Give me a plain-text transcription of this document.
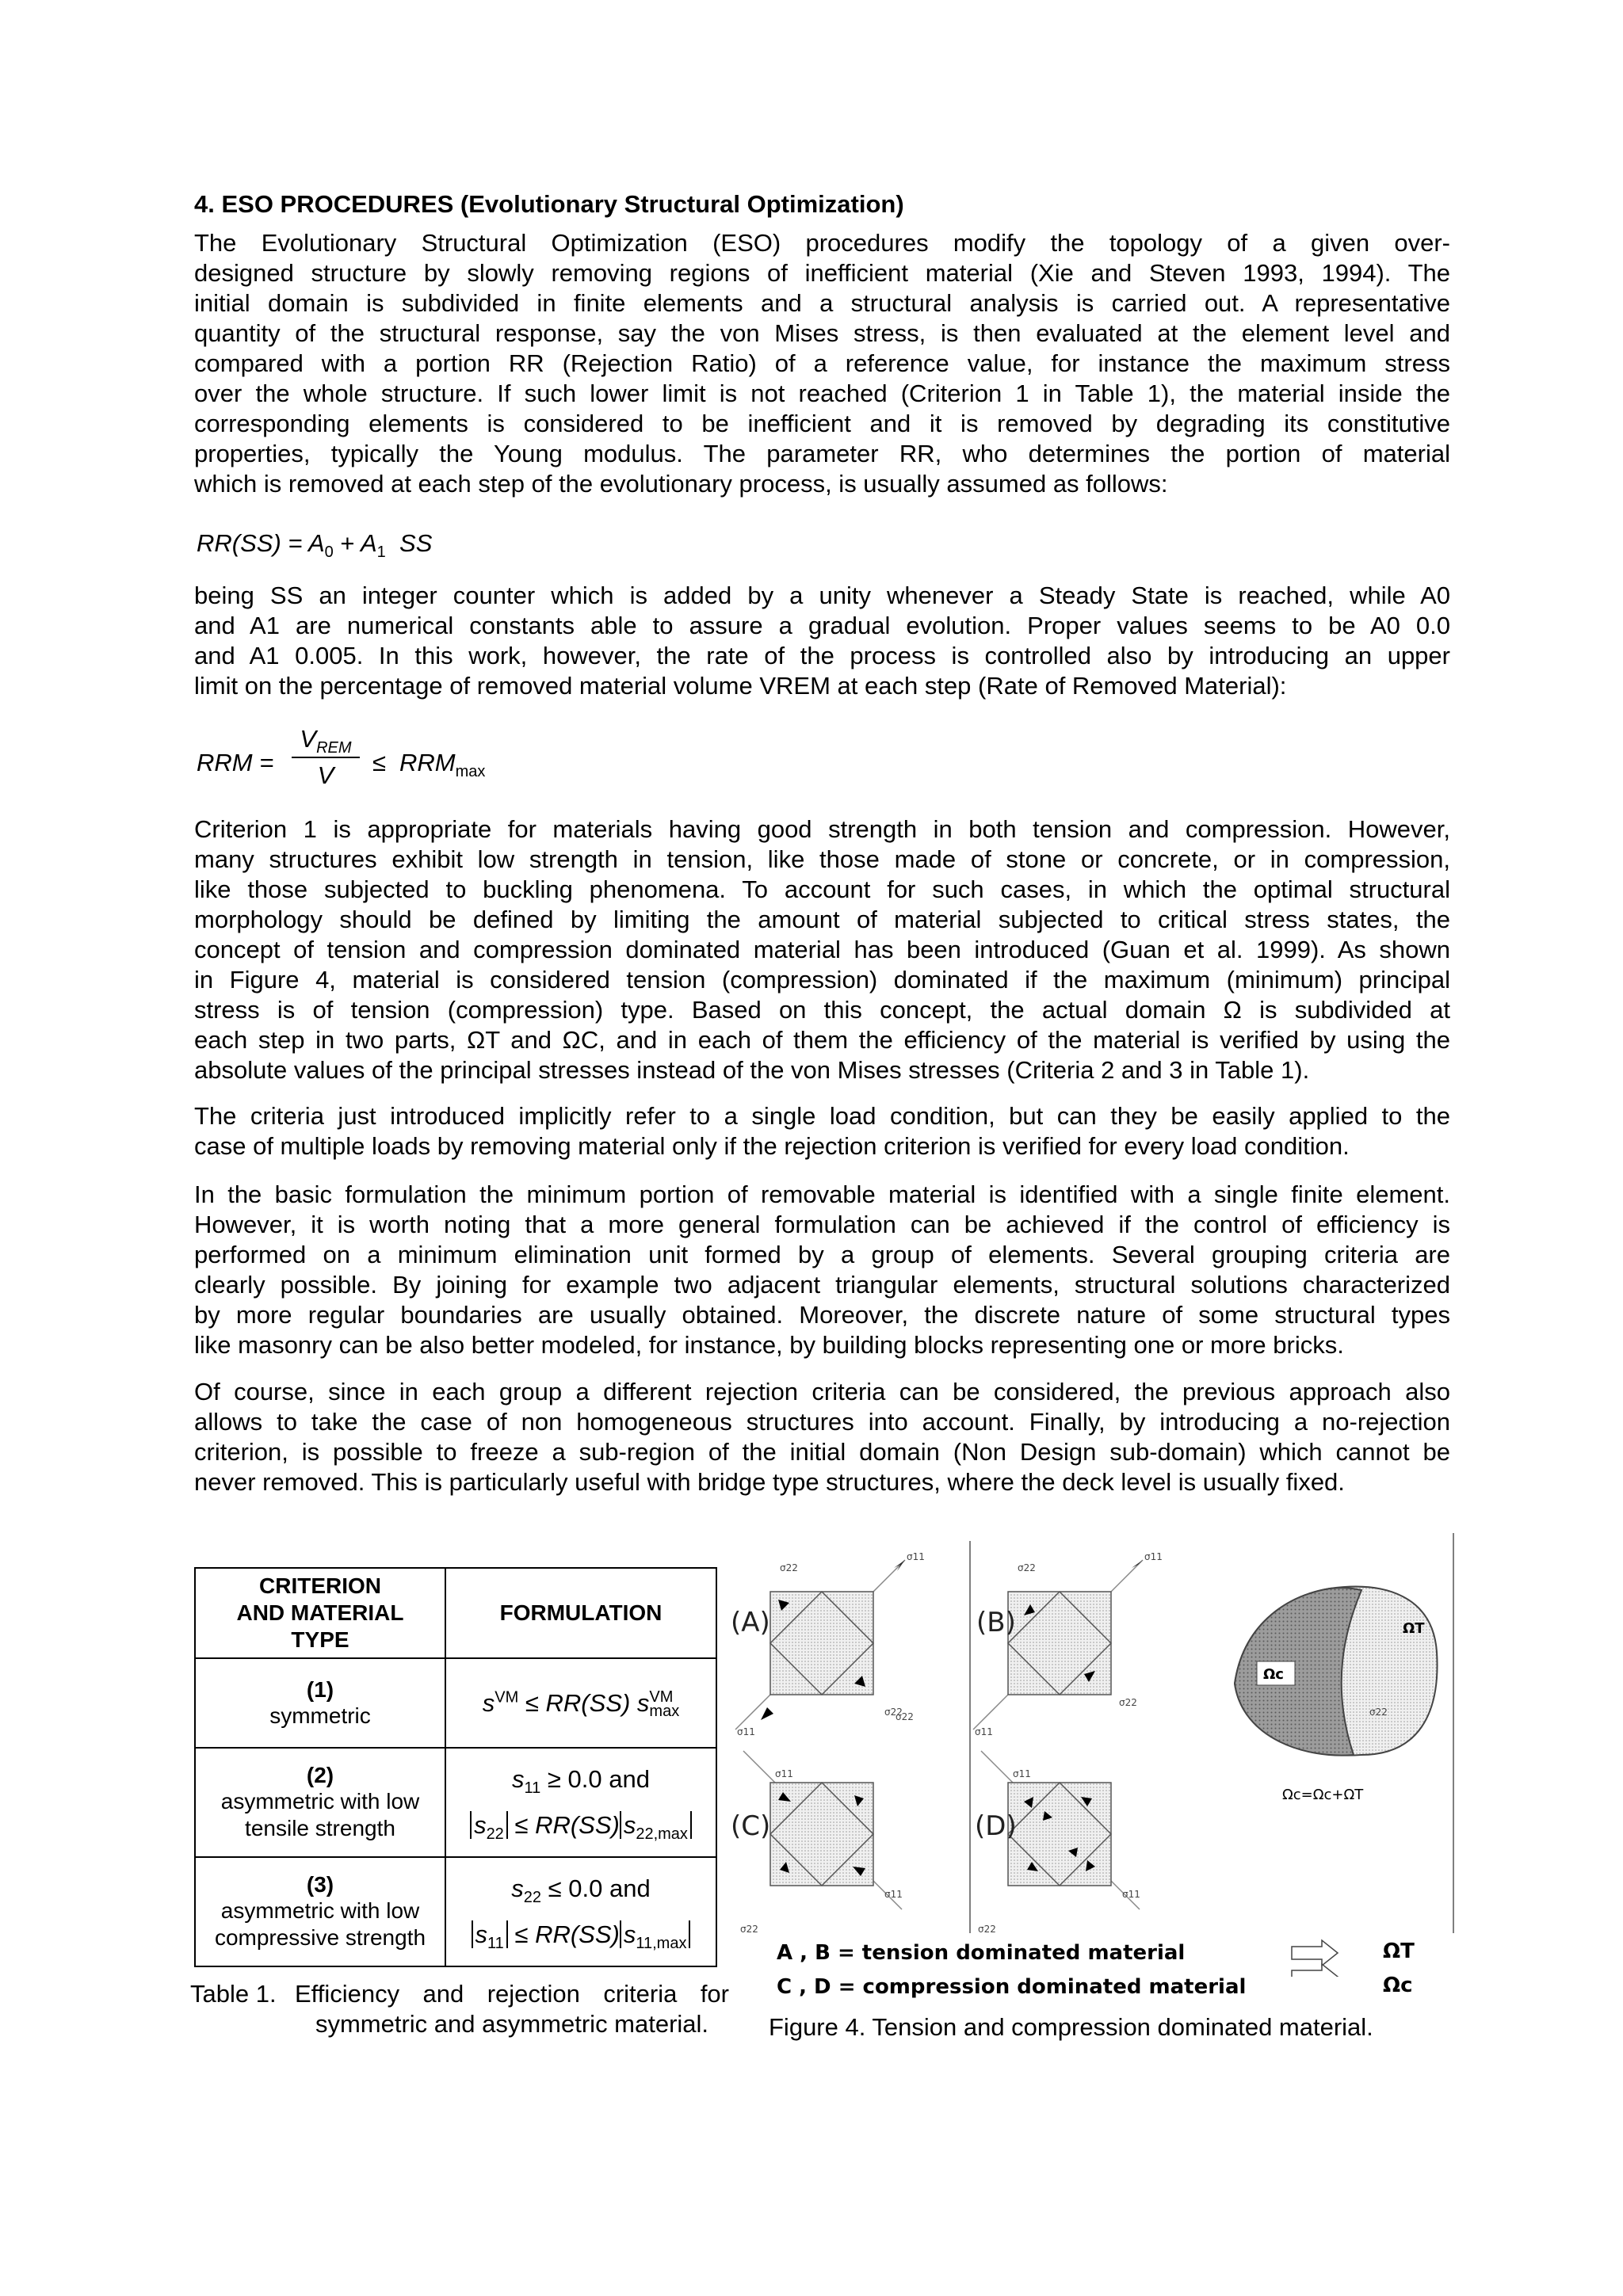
4. ESO PROCEDURES (Evolutionary Structural Optimization)
The Evolutionary Structural Optimization (ESO) procedures modify the topology of a given over-
designed structure by slowly removing regions of inefficient material (Xie and Steven 1993, 1994). The
initial domain is subdivided in finite elements and a structural analysis is carried out. A representative
quantity of the structural response, say the von Mises stress, is then evaluated at the element level and
compared with a portion RR (Rejection Ratio) of a reference value, for instance the maximum stress
over the whole structure. If such lower limit is not reached (Criterion 1 in Table 1), the material inside the
corresponding elements is considered to be inefficient and it is removed by degrading its constitutive
properties, typically the Young modulus. The parameter RR, who determines the portion of material
which is removed at each step of the evolutionary process, is usually assumed as follows:
$RR(SS) = A_0 + A_1$ SS
being SS an integer counter which is added by a unity whenever a Steady State is reached, while A0
and A1 are numerical constants able to assure a gradual evolution. Proper values seems to be A0 0.0
and A1 0.005. In this work, however, the rate of the process is controlled also by introducing an upper
limit on the percentage of removed material volume VREM at each step (Rate of Removed Material):
RRM =
$V_{REM}$
V	≤ $RRM_{max}$
Criterion 1 is appropriate for materials having good strength in both tension and compression. However,
many structures exhibit low strength in tension, like those made of stone or concrete, or in compression,
like those subjected to buckling phenomena. To account for such cases, in which the optimal structural
morphology should be defined by limiting the amount of material subjected to critical stress states, the
concept of tension and compression dominated material has been introduced (Guan et al. 1999). As shown
in Figure 4, material is considered tension (compression) dominated if the maximum (minimum) principal
stress is of tension (compression) type. Based on this concept, the actual domain Ω is subdivided at
each step in two parts, ΩT and ΩC, and in each of them the efficiency of the material is verified by using the
absolute values of the principal stresses instead of the von Mises stresses (Criteria 2 and 3 in Table 1).
The criteria just introduced implicitly refer to a single load condition, but can they be easily applied to the
case of multiple loads by removing material only if the rejection criterion is verified for every load condition.
In the basic formulation the minimum portion of removable material is identified with a single finite element.
However, it is worth noting that a more general formulation can be achieved if the control of efficiency is
performed on a minimum elimination unit formed by a group of elements. Several grouping criteria are
clearly possible. By joining for example two adjacent triangular elements, structural solutions characterized
by more regular boundaries are usually obtained. Moreover, the discrete nature of some structural types
like masonry can be also better modeled, for instance, by building blocks representing one or more bricks.
Of course, since in each group a different rejection criteria can be considered, the previous approach also
allows to take the case of non homogeneous structures into account. Finally, by introducing a no-rejection
criterion, is possible to freeze a sub-region of the initial domain (Non Design sub-domain) which cannot be
never removed. This is particularly useful with bridge type structures, where the deck level is usually fixed.
CRITERION AND MATERIAL TYPE	FORMULATION

(1)
symmetric	$s^{VM} \le RR(SS)$ s VM
max

(2)
asymmetric with low
tensile strength	$s_{11} \ge 0.0$ and
$s_{22} \le RR(SS)$ $s_{22,max}$

(3)
asymmetric with low
compressive strength	$s_{22} \le 0.0$ and
$s_{11} \le RR(SS)$ $s_{11,max}$
Table 1. Efficiency and rejection criteria for
symmetric and asymmetric material.
(A)	(B)
(C)	(D)
Ωc
ΩT
Ωc=Ωc+ΩT
σ11
σ22
σ22
σ11
σ11
σ22
σ22
σ11
σ22
σ11
σ11
σ22
σ11
σ11
σ22
σ22
A , B = tension dominated material
C , D = compression dominated material
ΩT
Ωc
Figure 4. Tension and compression dominated material.
